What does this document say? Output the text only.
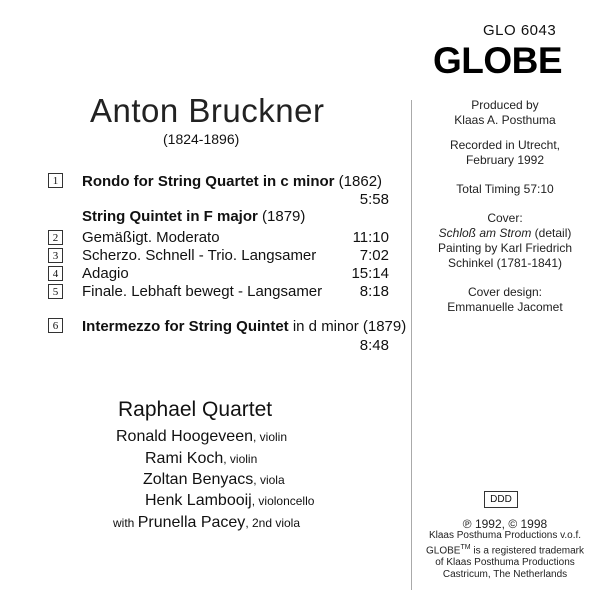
Anton Bruckner
(1824-1896)
1	Rondo for String Quartet in c minor (1862)
5:58
String Quintet in F major (1879)
2	Gemäßigt. Moderato	11:10
3	Scherzo. Schnell - Trio. Langsamer	7:02
4	Adagio	15:14
5	Finale. Lebhaft bewegt - Langsamer	8:18
6	Intermezzo for String Quintet in d minor (1879)
8:48
Raphael Quartet
Ronald Hoogeveen, violin
Rami Koch, violin
Zoltan Benyacs, viola
Henk Lambooij, violoncello
with Prunella Pacey, 2nd viola
GLO 6043
GLOBE
Produced by
Klaas A. Posthuma
Recorded in Utrecht,
February 1992
Total Timing 57:10
Cover:
Schloß am Strom (detail)
Painting by Karl Friedrich
Schinkel (1781-1841)
Cover design:
Emmanuelle Jacomet
DDD
℗ 1992, © 1998
Klaas Posthuma Productions v.o.f.
GLOBE™ is a registered trademark
of Klaas Posthuma Productions
Castricum, The Netherlands
